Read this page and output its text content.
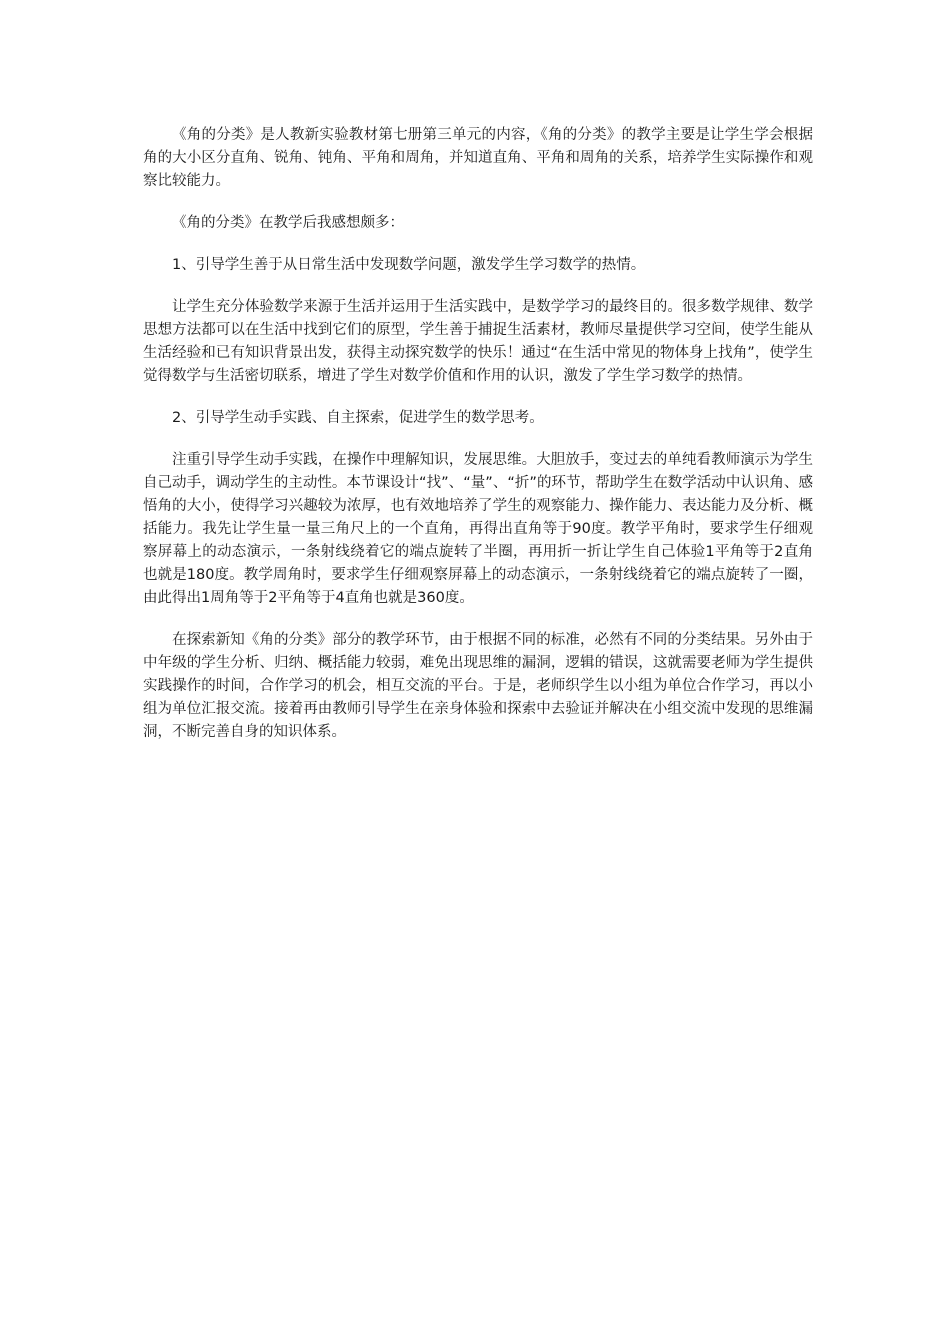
《角的分类》是人教新实验教材第七册第三单元的内容，《角的分类》的教学主要是让学生学会根据角的大小区分直角、锐角、钝角、平角和周角，并知道直角、平角和周角的关系，培养学生实际操作和观察比较能力。

《角的分类》在教学后我感想颇多：

1、引导学生善于从日常生活中发现数学问题，激发学生学习数学的热情。

让学生充分体验数学来源于生活并运用于生活实践中，是数学学习的最终目的。很多数学规律、数学思想方法都可以在生活中找到它们的原型，学生善于捕捉生活素材，教师尽量提供学习空间，使学生能从生活经验和已有知识背景出发，获得主动探究数学的快乐！通过“在生活中常见的物体身上找角”，使学生觉得数学与生活密切联系，增进了学生对数学价值和作用的认识，激发了学生学习数学的热情。

2、引导学生动手实践、自主探索，促进学生的数学思考。

注重引导学生动手实践，在操作中理解知识，发展思维。大胆放手，变过去的单纯看教师演示为学生自己动手，调动学生的主动性。本节课设计“找”、“量”、“折”的环节，帮助学生在数学活动中认识角、感悟角的大小，使得学习兴趣较为浓厚，也有效地培养了学生的观察能力、操作能力、表达能力及分析、概括能力。我先让学生量一量三角尺上的一个直角，再得出直角等于90度。教学平角时，要求学生仔细观察屏幕上的动态演示，一条射线绕着它的端点旋转了半圈，再用折一折让学生自己体验1平角等于2直角也就是180度。教学周角时，要求学生仔细观察屏幕上的动态演示，一条射线绕着它的端点旋转了一圈，由此得出1周角等于2平角等于4直角也就是360度。

在探索新知《角的分类》部分的教学环节，由于根据不同的标准，必然有不同的分类结果。另外由于中年级的学生分析、归纳、概括能力较弱，难免出现思维的漏洞，逻辑的错误，这就需要老师为学生提供实践操作的时间，合作学习的机会，相互交流的平台。于是，老师织学生以小组为单位合作学习，再以小组为单位汇报交流。接着再由教师引导学生在亲身体验和探索中去验证并解决在小组交流中发现的思维漏洞，不断完善自身的知识体系。
